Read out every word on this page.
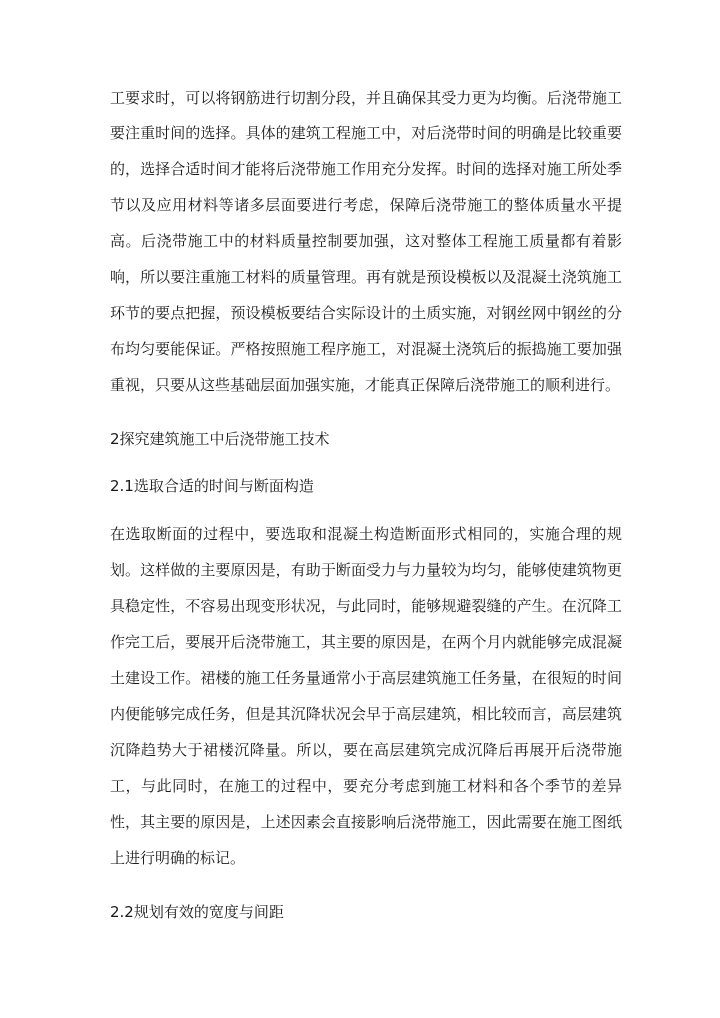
工要求时，可以将钢筋进行切割分段，并且确保其受力更为均衡。后浇带施工
要注重时间的选择。具体的建筑工程施工中，对后浇带时间的明确是比较重要
的，选择合适时间才能将后浇带施工作用充分发挥。时间的选择对施工所处季
节以及应用材料等诸多层面要进行考虑，保障后浇带施工的整体质量水平提
高。后浇带施工中的材料质量控制要加强，这对整体工程施工质量都有着影
响，所以要注重施工材料的质量管理。再有就是预设模板以及混凝土浇筑施工
环节的要点把握，预设模板要结合实际设计的土质实施，对钢丝网中钢丝的分
布均匀要能保证。严格按照施工程序施工，对混凝土浇筑后的振捣施工要加强
重视，只要从这些基础层面加强实施，才能真正保障后浇带施工的顺利进行。
2探究建筑施工中后浇带施工技术
2.1选取合适的时间与断面构造
在选取断面的过程中，要选取和混凝土构造断面形式相同的，实施合理的规
划。这样做的主要原因是，有助于断面受力与力量较为均匀，能够使建筑物更
具稳定性，不容易出现变形状况，与此同时，能够规避裂缝的产生。在沉降工
作完工后，要展开后浇带施工，其主要的原因是，在两个月内就能够完成混凝
土建设工作。裙楼的施工任务量通常小于高层建筑施工任务量，在很短的时间
内便能够完成任务，但是其沉降状况会早于高层建筑，相比较而言，高层建筑
沉降趋势大于裙楼沉降量。所以，要在高层建筑完成沉降后再展开后浇带施
工，与此同时，在施工的过程中，要充分考虑到施工材料和各个季节的差异
性，其主要的原因是，上述因素会直接影响后浇带施工，因此需要在施工图纸
上进行明确的标记。
2.2规划有效的宽度与间距
